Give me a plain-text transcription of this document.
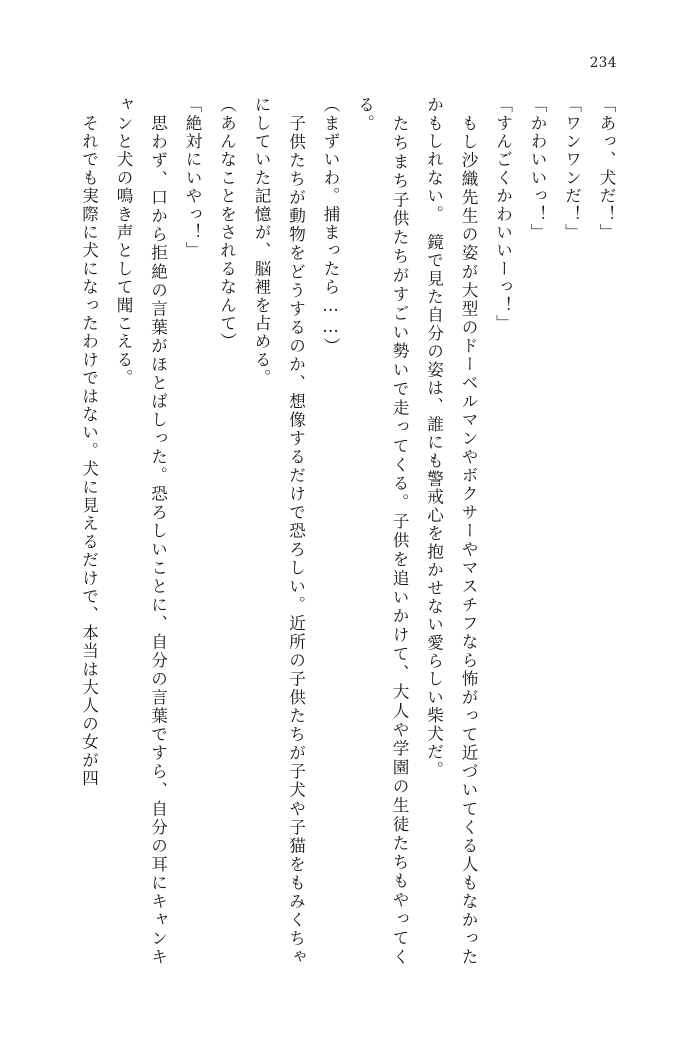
234

「あっ、犬だ！」

「ワンワンだ！」

「かわいいっ！」

「すんごくかわいいーっ！」

　もし沙織先生の姿が大型のドーベルマンやボクサーやマスチフなら怖がって近づいてくる人もなかったかもしれない。　鏡で見た自分の姿は、誰にも警戒心を抱かせない愛らしい柴犬だ。

　たちまち子供たちがすごい勢いで走ってくる。子供を追いかけて、大人や学園の生徒たちもやってくる。

（まずいわ。捕まったら……）

　子供たちが動物をどうするのか、想像するだけで恐ろしい。近所の子供たちが子犬や子猫をもみくちゃにしていた記憶が、脳裡を占める。

（あんなことをされるなんて）

「絶対にいやっ！」

　思わず、口から拒絶の言葉がほとばしった。恐ろしいことに、自分の言葉ですら、自分の耳にキャンキャンと犬の鳴き声として聞こえる。

　それでも実際に犬になったわけではない。犬に見えるだけで、本当は大人の女が四
